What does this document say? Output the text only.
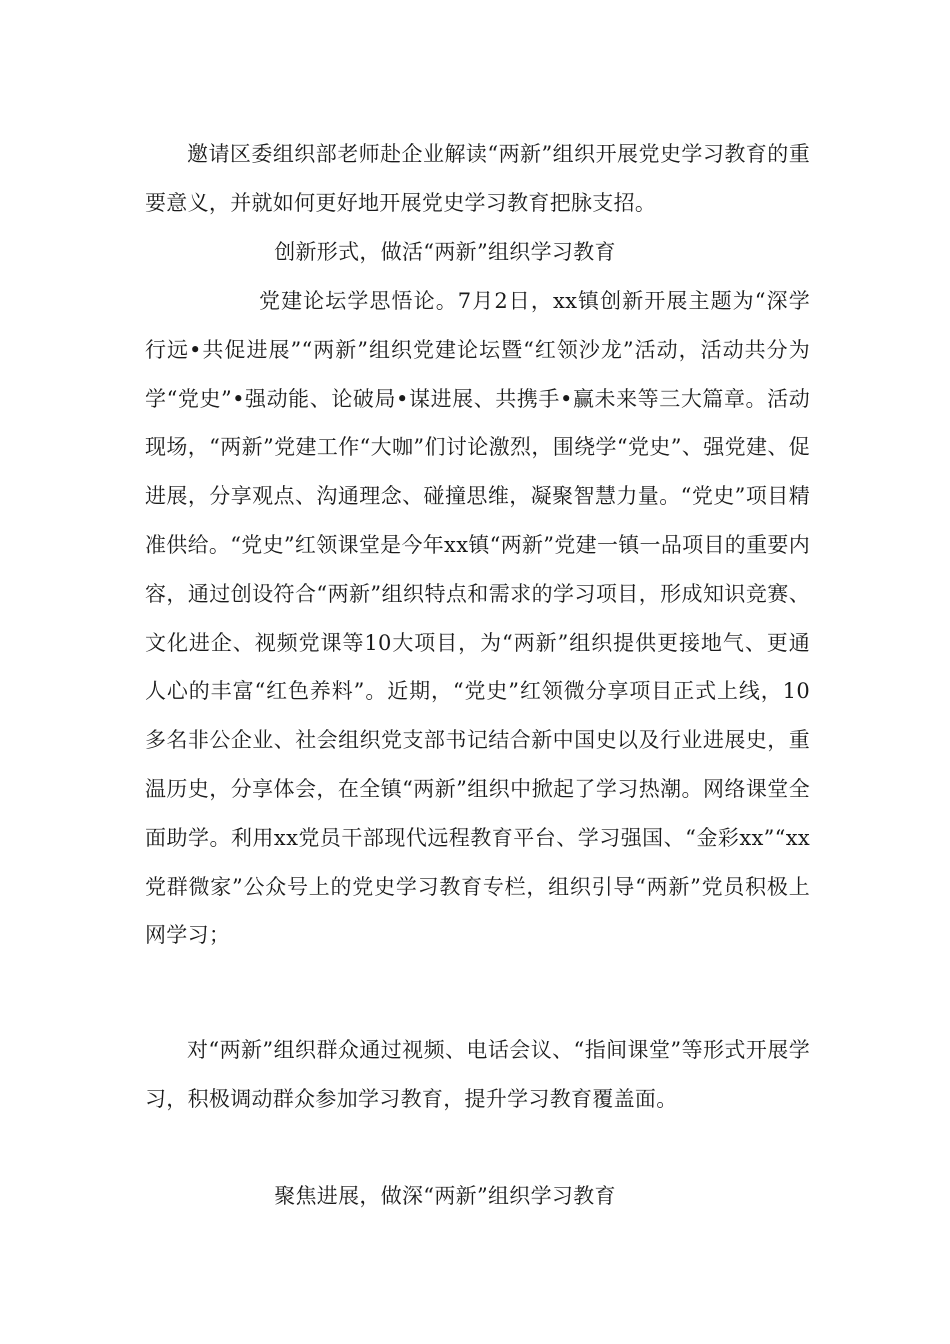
邀请区委组织部老师赴企业解读“两新”组织开展党史学习教育的重要意义，并就如何更好地开展党史学习教育把脉支招。

创新形式，做活“两新”组织学习教育

党建论坛学思悟论。7月2日，xx镇创新开展主题为“深学行远•共促进展”“两新”组织党建论坛暨“红领沙龙”活动，活动共分为学“党史”•强动能、论破局•谋进展、共携手•赢未来等三大篇章。活动现场，“两新”党建工作“大咖”们讨论激烈，围绕学“党史”、强党建、促进展，分享观点、沟通理念、碰撞思维，凝聚智慧力量。“党史”项目精准供给。“党史”红领课堂是今年xx镇“两新”党建一镇一品项目的重要内容，通过创设符合“两新”组织特点和需求的学习项目，形成知识竞赛、文化进企、视频党课等10大项目，为“两新”组织提供更接地气、更通人心的丰富“红色养料”。近期，“党史”红领微分享项目正式上线，10多名非公企业、社会组织党支部书记结合新中国史以及行业进展史，重温历史，分享体会，在全镇“两新”组织中掀起了学习热潮。网络课堂全面助学。利用xx党员干部现代远程教育平台、学习强国、“金彩xx”“xx党群微家”公众号上的党史学习教育专栏，组织引导“两新”党员积极上网学习；

对“两新”组织群众通过视频、电话会议、“指间课堂”等形式开展学习，积极调动群众参加学习教育，提升学习教育覆盖面。

聚焦进展，做深“两新”组织学习教育
